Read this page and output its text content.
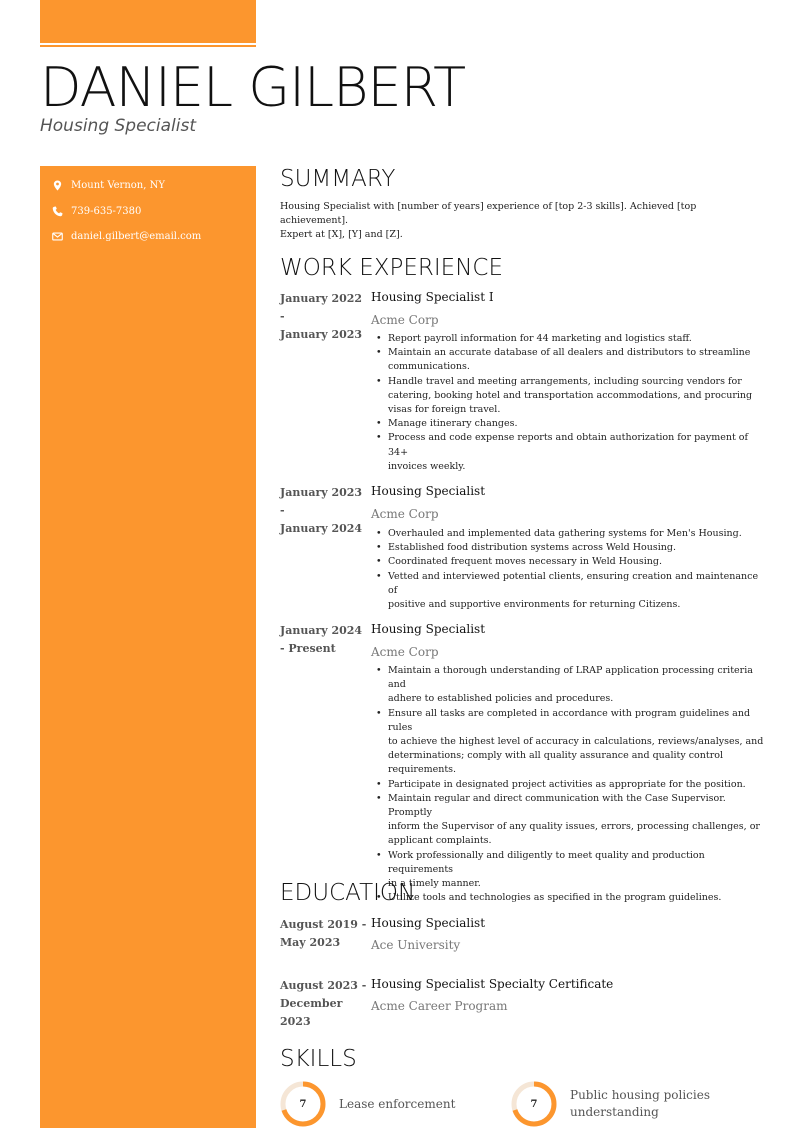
DANIEL GILBERT
Housing Specialist
Mount Vernon, NY
739-635-7380
daniel.gilbert@email.com
SUMMARY
Housing Specialist with [number of years] experience of [top 2-3 skills]. Achieved [top achievement].
Expert at [X], [Y] and [Z].
WORK EXPERIENCE
January 2022
-
January 2023
Housing Specialist I
Acme Corp
• Report payroll information for 44 marketing and logistics staff.
• Maintain an accurate database of all dealers and distributors to streamline
communications.
• Handle travel and meeting arrangements, including sourcing vendors for
catering, booking hotel and transportation accommodations, and procuring
visas for foreign travel.
• Manage itinerary changes.
• Process and code expense reports and obtain authorization for payment of 34+
invoices weekly.
January 2023
-
January 2024
Housing Specialist
Acme Corp
• Overhauled and implemented data gathering systems for Men's Housing.
• Established food distribution systems across Weld Housing.
• Coordinated frequent moves necessary in Weld Housing.
• Vetted and interviewed potential clients, ensuring creation and maintenance of
positive and supportive environments for returning Citizens.
January 2024
- Present
Housing Specialist
Acme Corp
• Maintain a thorough understanding of LRAP application processing criteria and
adhere to established policies and procedures.
• Ensure all tasks are completed in accordance with program guidelines and rules
to achieve the highest level of accuracy in calculations, reviews/analyses, and
determinations; comply with all quality assurance and quality control
requirements.
• Participate in designated project activities as appropriate for the position.
• Maintain regular and direct communication with the Case Supervisor. Promptly
inform the Supervisor of any quality issues, errors, processing challenges, or
applicant complaints.
• Work professionally and diligently to meet quality and production requirements
in a timely manner.
• Utilize tools and technologies as specified in the program guidelines.
EDUCATION
August 2019 -
May 2023
Housing Specialist
Ace University
August 2023 -
December 2023
Housing Specialist Specialty Certificate
Acme Career Program
SKILLS
7	Lease enforcement	7
Public housing policies
understanding
